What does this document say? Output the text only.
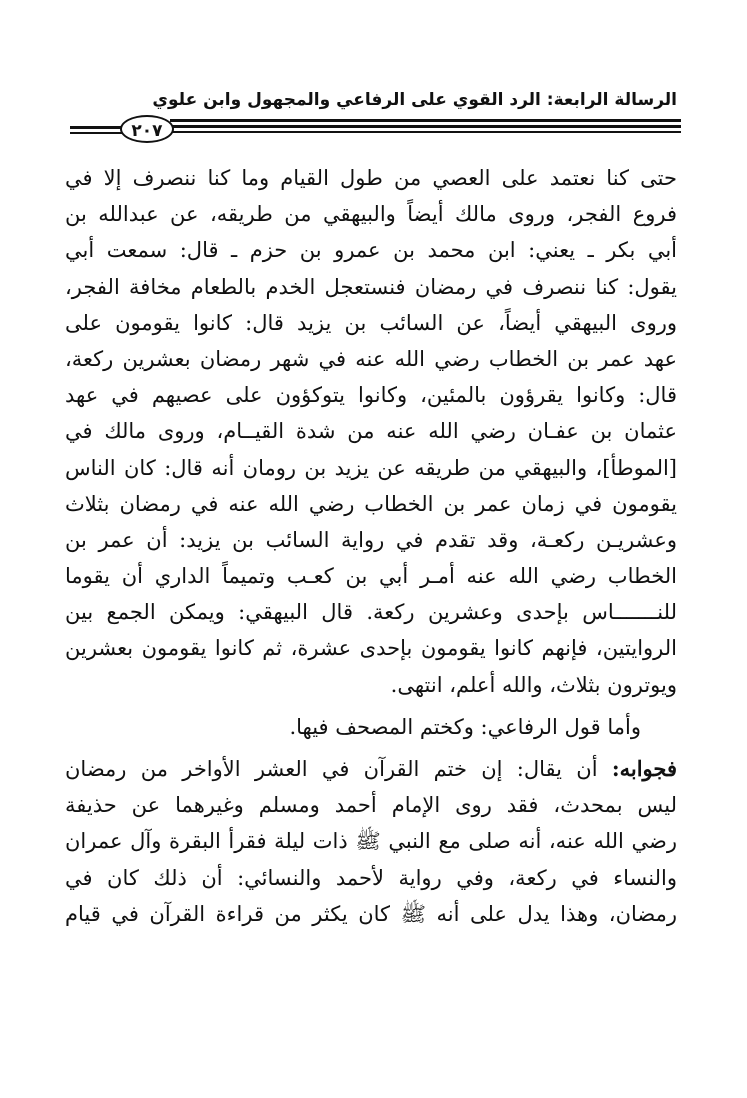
الرسالة الرابعة: الرد القوي على الرفاعي والمجهول وابن علوي
٢٠٧
حتى كنا نعتمد على العصي من طول القيام وما كنا ننصرف إلا في
فروع الفجر، وروى مالك أيضاً والبيهقي من طريقه، عن عبدالله بن
أبي بكر ـ يعني: ابن محمد بن عمرو بن حزم ـ قال: سمعت أبي
يقول: كنا ننصرف في رمضان فنستعجل الخدم بالطعام مخافة الفجر،
وروى البيهقي أيضاً، عن السائب بن يزيد قال: كانوا يقومون على
عهد عمر بن الخطاب رضي الله عنه في شهر رمضان بعشرين ركعة،
قال: وكانوا يقرؤون بالمئين، وكانوا يتوكؤون على عصيهم في عهد
عثمان بن عفـان رضي الله عنه من شدة القيــام، وروى مالك في
[الموطأ]، والبيهقي من طريقه عن يزيد بن رومان أنه قال: كان الناس
يقومون في زمان عمر بن الخطاب رضي الله عنه في رمضان بثلاث
وعشريـن ركعـة، وقد تقدم في رواية السائب بن يزيد: أن عمر بن
الخطاب رضي الله عنه أمـر أبي بن كعـب وتميماً الداري أن يقوما
للنـــــــاس بإحدى وعشرين ركعة. قال البيهقي: ويمكن الجمع بين
الروايتين، فإنهم كانوا يقومون بإحدى عشرة، ثم كانوا يقومون بعشرين
ويوترون بثلاث، والله أعلم، انتهى.
وأما قول الرفاعي: وكختم المصحف فيها.
فجوابه: أن يقال: إن ختم القرآن في العشر الأواخر من رمضان
ليس بمحدث، فقد روى الإمام أحمد ومسلم وغيرهما عن حذيفة
رضي الله عنه، أنه صلى مع النبي ﷺ ذات ليلة فقرأ البقرة وآل عمران
والنساء في ركعة، وفي رواية لأحمد والنسائي: أن ذلك كان في
رمضان، وهذا يدل على أنه ﷺ كان يكثر من قراءة القرآن في قيام
